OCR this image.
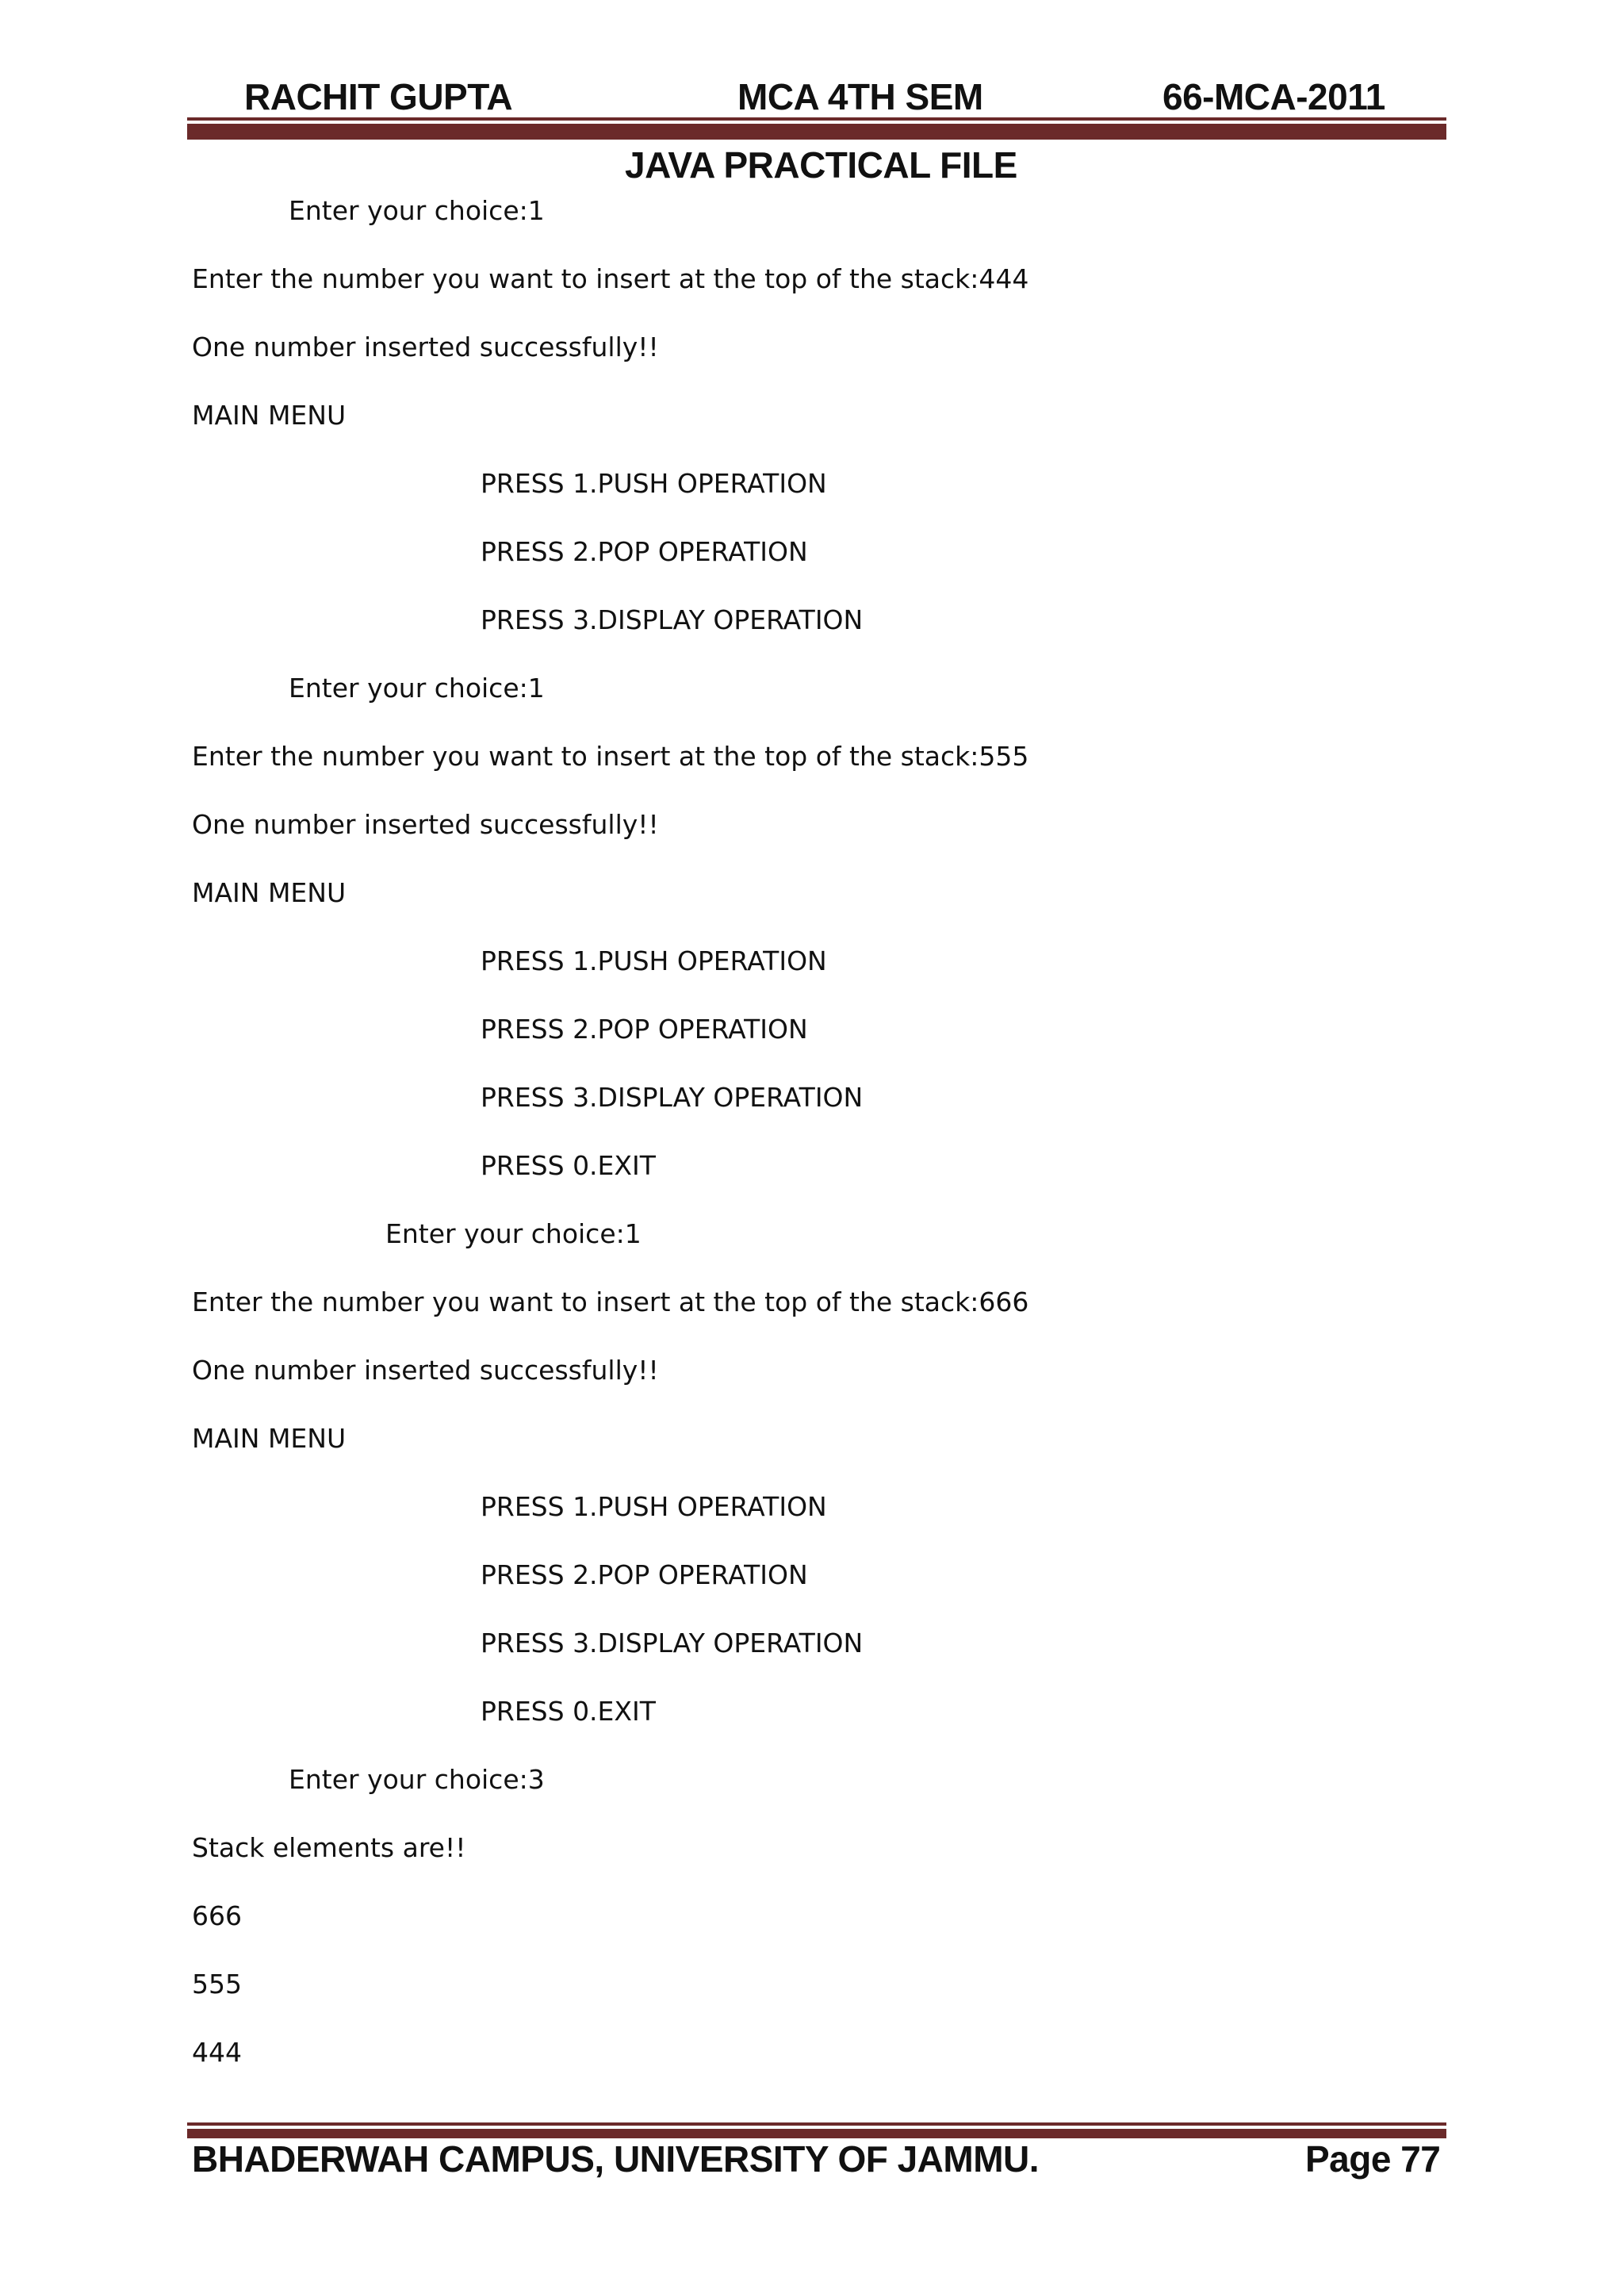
RACHIT GUPTA	MCA 4TH SEM	66-MCA-2011
JAVA PRACTICAL FILE
Enter your choice:1
Enter the number you want to insert at the top of the stack:444
One number inserted successfully!!
MAIN MENU
PRESS 1.PUSH OPERATION
PRESS 2.POP OPERATION
PRESS 3.DISPLAY OPERATION
Enter your choice:1
Enter the number you want to insert at the top of the stack:555
One number inserted successfully!!
MAIN MENU
PRESS 1.PUSH OPERATION
PRESS 2.POP OPERATION
PRESS 3.DISPLAY OPERATION
PRESS 0.EXIT
Enter your choice:1
Enter the number you want to insert at the top of the stack:666
One number inserted successfully!!
MAIN MENU
PRESS 1.PUSH OPERATION
PRESS 2.POP OPERATION
PRESS 3.DISPLAY OPERATION
PRESS 0.EXIT
Enter your choice:3
Stack elements are!!
666
555
444
BHADERWAH CAMPUS, UNIVERSITY OF JAMMU.	Page 77
